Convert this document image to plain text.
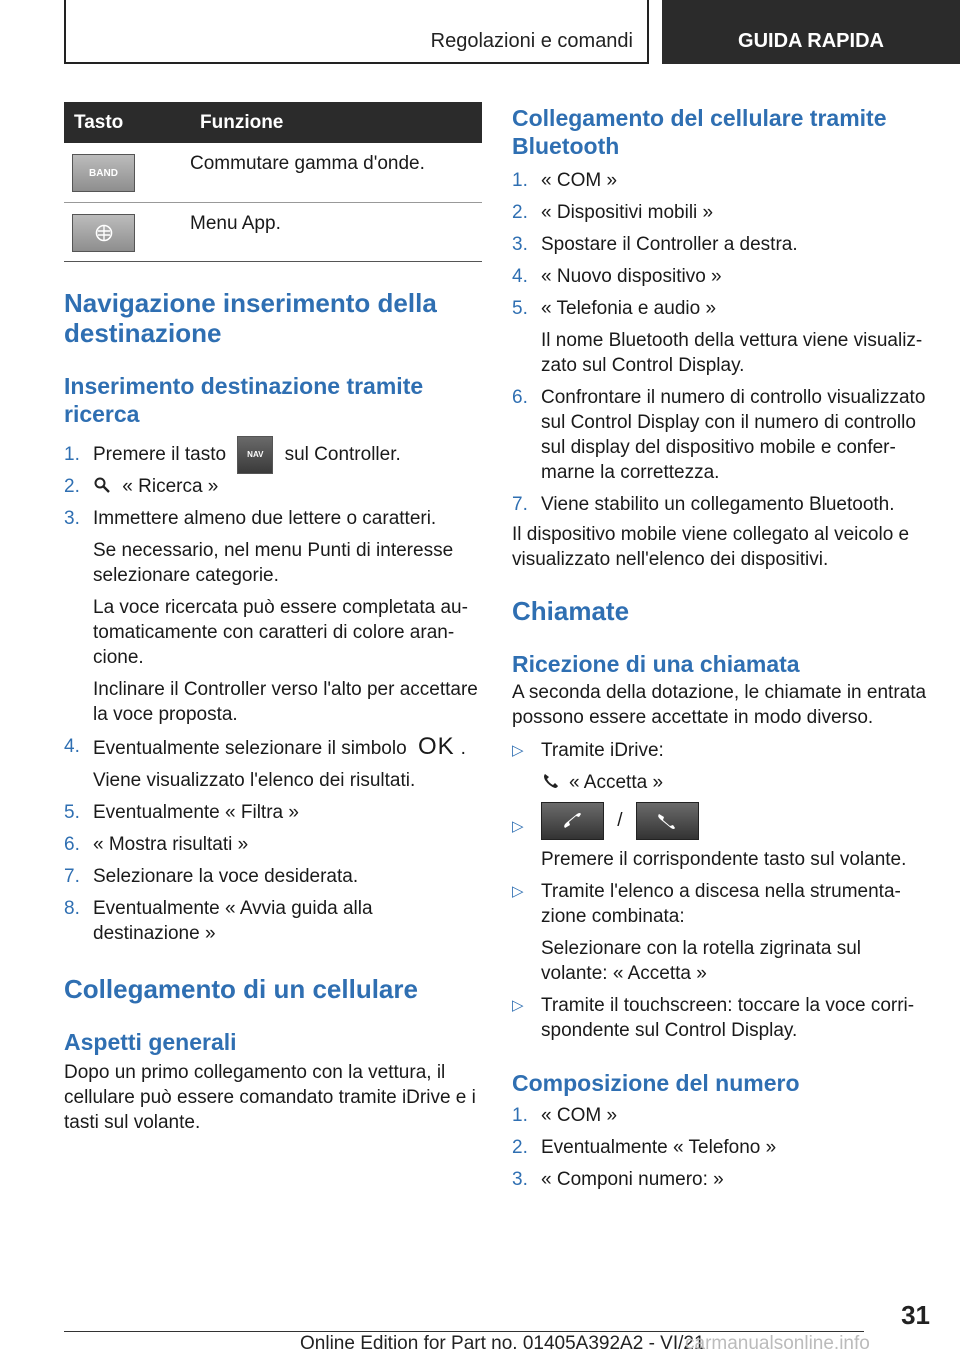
Regolazioni e comandi	GUIDA RAPIDA
Tasto	Funzione

BAND	Commutare gamma d'onde.

	Menu App.
Navigazione inserimento della destinazione
Inserimento destinazione tramite ricerca
1. Premere il tasto	NAV sul Controller.
2. « Ricerca »
3. Immettere almeno due lettere o caratteri.
Se necessario, nel menu Punti di interesse selezionare categorie.
La voce ricercata può essere completata au-tomaticamente con caratteri di colore aran-cione.
Inclinare il Controller verso l'alto per accettare la voce proposta.
4. Eventualmente selezionare il simbolo OK .
Viene visualizzato l'elenco dei risultati.
5. Eventualmente « Filtra »
6. « Mostra risultati »
7. Selezionare la voce desiderata.
8. Eventualmente « Avvia guida alla destinazione »
Collegamento di un cellulare
Aspetti generali

Dopo un primo collegamento con la vettura, il cellulare può essere comandato tramite iDrive e i tasti sul volante.

Collegamento del cellulare tramite Bluetooth
1. « COM »
2. « Dispositivi mobili »
3. Spostare il Controller a destra.
4. « Nuovo dispositivo »
5. « Telefonia e audio »
Il nome Bluetooth della vettura viene visualiz-zato sul Control Display.
6. Confrontare il numero di controllo visualizzato sul Control Display con il numero di controllo sul display del dispositivo mobile e confer-marne la correttezza.
7. Viene stabilito un collegamento Bluetooth.

Il dispositivo mobile viene collegato al veicolo e visualizzato nell'elenco dei dispositivi.

Chiamate
Ricezione di una chiamata

A seconda della dotazione, le chiamate in entrata possono essere accettate in modo diverso.

▷ Tramite iDrive:
« Accetta »
▷	/
Premere il corrispondente tasto sul volante.
▷ Tramite l'elenco a discesa nella strumenta-zione combinata:
Selezionare con la rotella zigrinata sul volante: « Accetta »
▷ Tramite il touchscreen: toccare la voce corri-spondente sul Control Display.
Composizione del numero
1. « COM »
2. Eventualmente « Telefono »
3. « Componi numero: »
31
Online Edition for Part no. 01405A392A2 - VI/21
carmanualsonline.info
